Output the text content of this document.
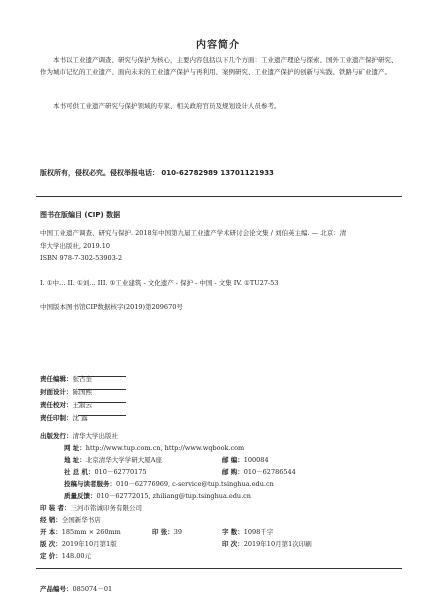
内容简介
本书以工业遗产调查、研究与保护为核心，主要内容包括以下几个方面：工业遗产理论与探索、国外工业遗产保护研究、作为城市记忆的工业遗产、面向未来的工业遗产保护与再利用、案例研究、工业遗产保护的创新与实践、铁路与矿业遗产。
本书可供工业遗产研究与保护领域的专家、相关政府官员及规划设计人员参考。
版权所有，侵权必究。侵权举报电话： 010-62782989 13701121933
图书在版编目 (CIP) 数据
中国工业遗产调查、研究与保护. 2018年中国第九届工业遗产学术研讨会论文集 / 刘伯英主编. — 北京：清
华大学出版社, 2019.10
ISBN 978-7-302-53903-2
I. ①中… II. ①刘… III. ①工业建筑 - 文化遗产 - 保护 - 中国 - 文集 IV. ①TU27-53
中国版本图书馆CIP数据核字(2019)第209670号
责任编辑：张占奎
封面设计：陈国熙
责任校对：王淑云
责任印制：沈 露
出版发行：清华大学出版社
网 址：http://www.tup.com.cn, http://www.wqbook.com
地 址：北京清华大学学研大厦A座	邮 编：100084
社 总 机：010－62770175	邮 购：010－62786544
投稿与读者服务：010－62776969, c-service@tup.tsinghua.edu.cn
质量反馈：010－62772015, zhiliang@tup.tsinghua.edu.cn
印 装 者：三河市铭诚印务有限公司
经 销：全国新华书店
开 本：185mm × 260mm	印 张：39	字 数：1098千字
版 次：2019年10月第1版	印 次：2019年10月第1次印刷
定 价：148.00元
产品编号：085074－01
